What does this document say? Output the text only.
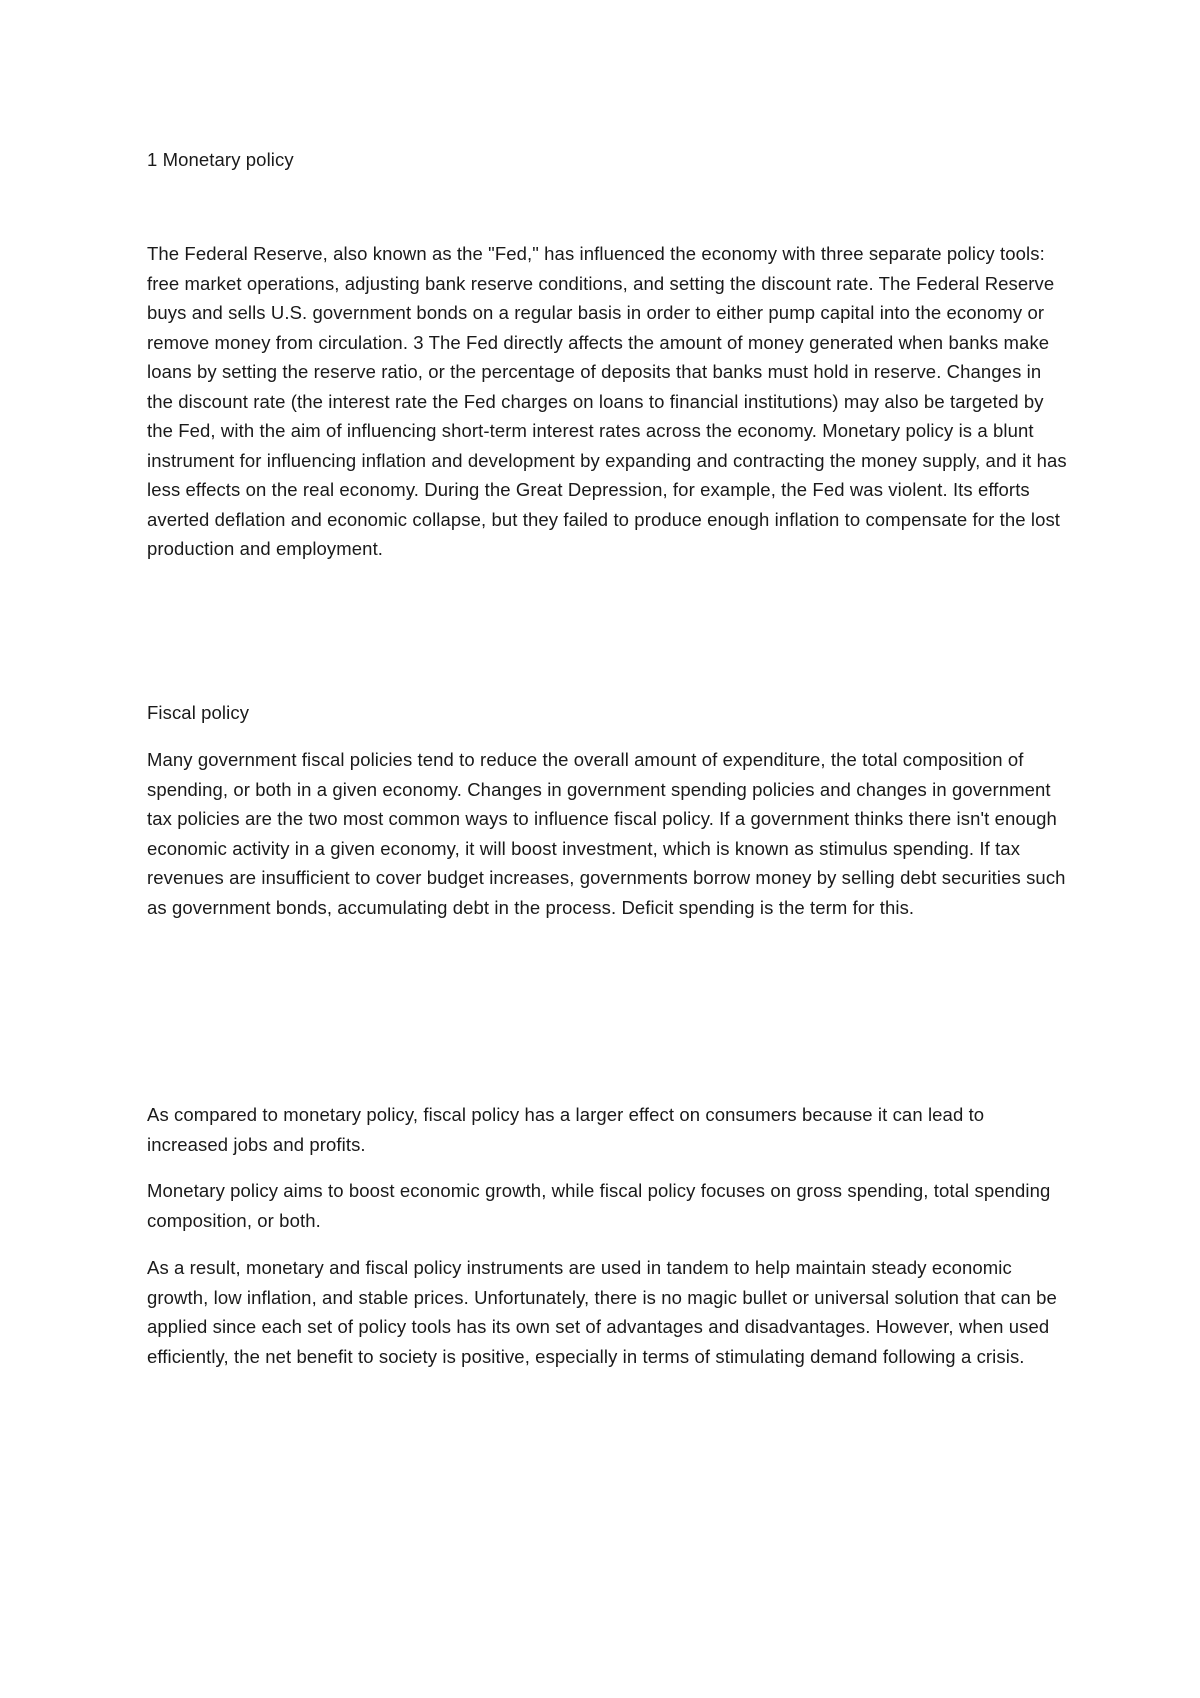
1 Monetary policy

The Federal Reserve, also known as the "Fed," has influenced the economy with three separate policy tools: free market operations, adjusting bank reserve conditions, and setting the discount rate. The Federal Reserve buys and sells U.S. government bonds on a regular basis in order to either pump capital into the economy or remove money from circulation. 3 The Fed directly affects the amount of money generated when banks make loans by setting the reserve ratio, or the percentage of deposits that banks must hold in reserve. Changes in the discount rate (the interest rate the Fed charges on loans to financial institutions) may also be targeted by the Fed, with the aim of influencing short-term interest rates across the economy. Monetary policy is a blunt instrument for influencing inflation and development by expanding and contracting the money supply, and it has less effects on the real economy. During the Great Depression, for example, the Fed was violent. Its efforts averted deflation and economic collapse, but they failed to produce enough inflation to compensate for the lost production and employment.

Fiscal policy

Many government fiscal policies tend to reduce the overall amount of expenditure, the total composition of spending, or both in a given economy. Changes in government spending policies and changes in government tax policies are the two most common ways to influence fiscal policy. If a government thinks there isn't enough economic activity in a given economy, it will boost investment, which is known as stimulus spending. If tax revenues are insufficient to cover budget increases, governments borrow money by selling debt securities such as government bonds, accumulating debt in the process. Deficit spending is the term for this.

As compared to monetary policy, fiscal policy has a larger effect on consumers because it can lead to increased jobs and profits.

Monetary policy aims to boost economic growth, while fiscal policy focuses on gross spending, total spending composition, or both.

As a result, monetary and fiscal policy instruments are used in tandem to help maintain steady economic growth, low inflation, and stable prices. Unfortunately, there is no magic bullet or universal solution that can be applied since each set of policy tools has its own set of advantages and disadvantages. However, when used efficiently, the net benefit to society is positive, especially in terms of stimulating demand following a crisis.
